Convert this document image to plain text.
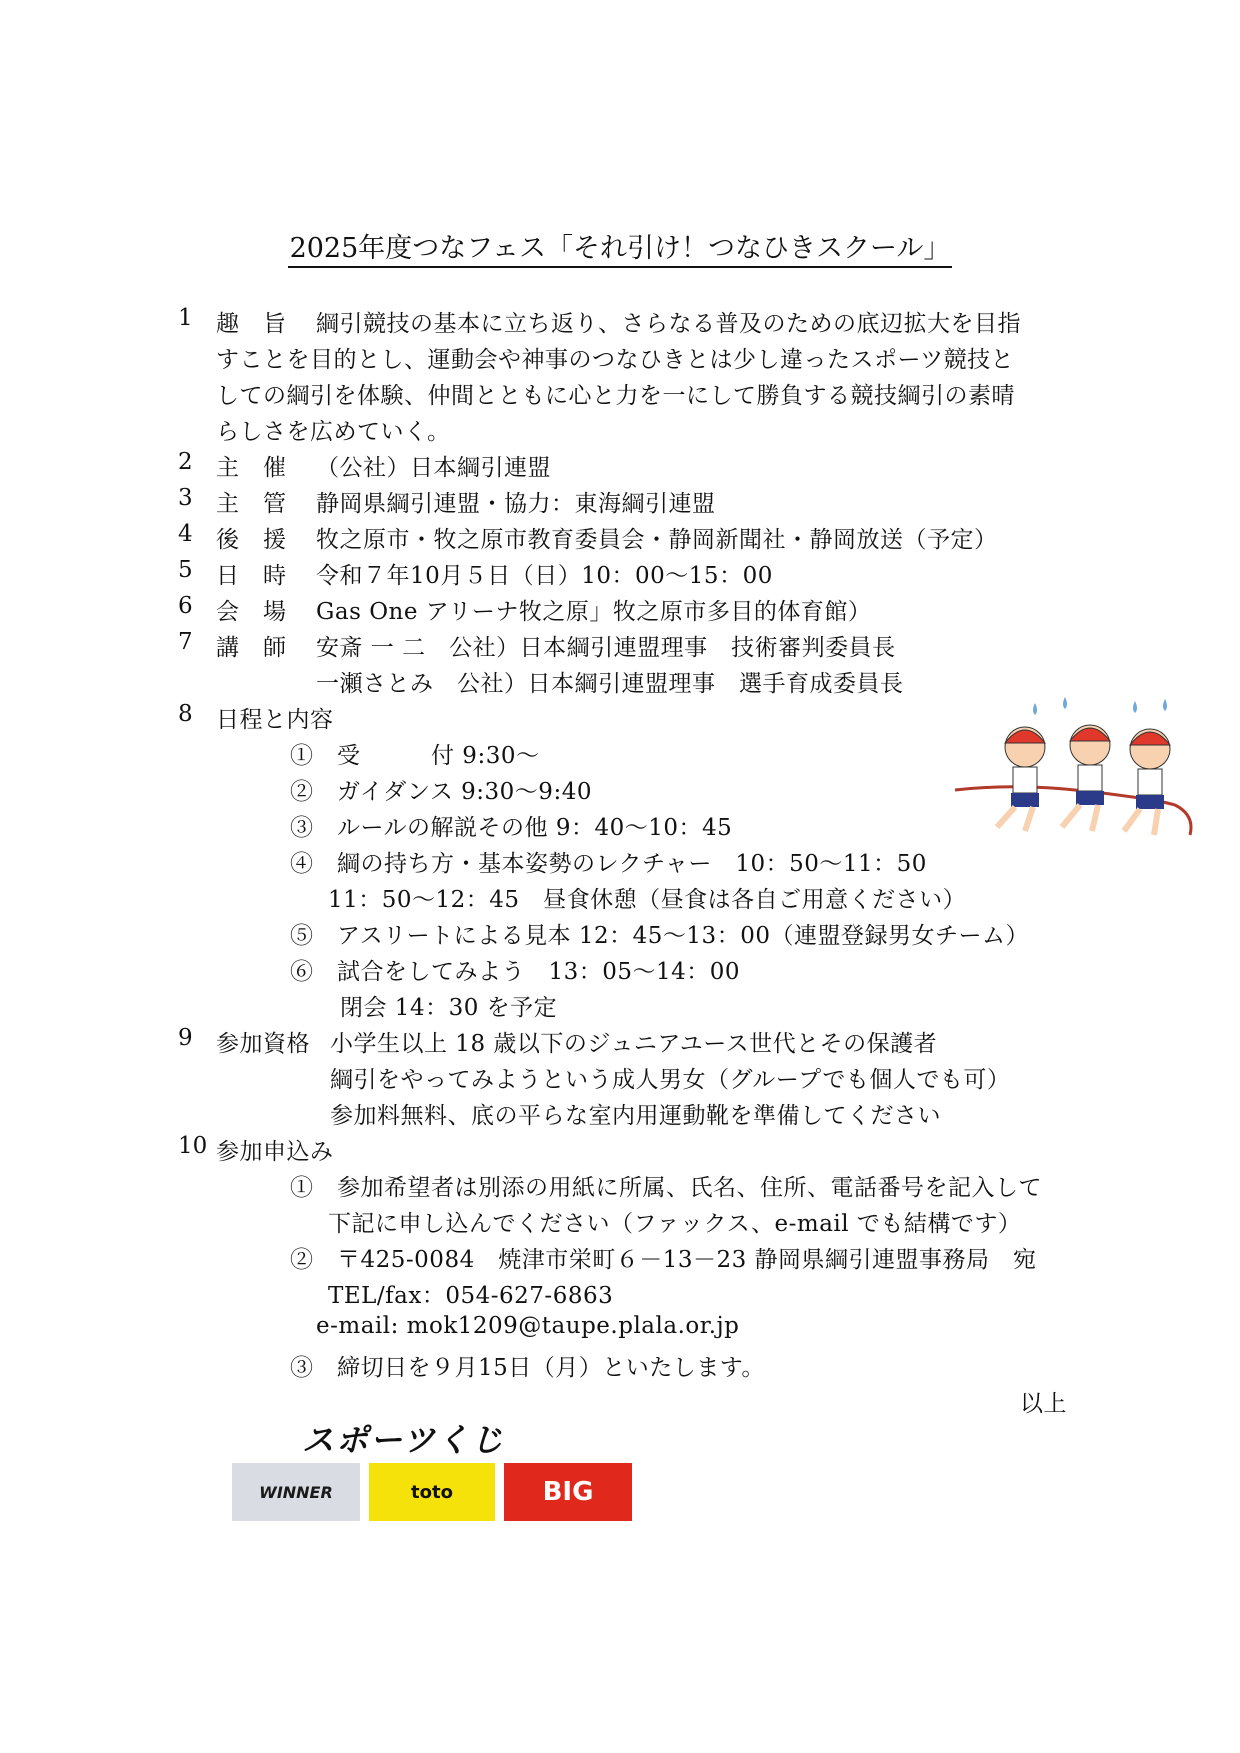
2025年度つなフェス「それ引け！つなひきスクール」
1 趣　旨 綱引競技の基本に立ち返り、さらなる普及のための底辺拡大を目指
すことを目的とし、運動会や神事のつなひきとは少し違ったスポーツ競技と
しての綱引を体験、仲間とともに心と力を一にして勝負する競技綱引の素晴
らしさを広めていく。
2 主　催 （公社）日本綱引連盟
3 主　管 静岡県綱引連盟・協力：東海綱引連盟
4 後　援 牧之原市・牧之原市教育委員会・静岡新聞社・静岡放送（予定）
5 日　時 令和７年10月５日（日）10：00～15：00
6 会　場 Gas One アリーナ牧之原」牧之原市多目的体育館）
7 講　師 安斎 一 二　公社）日本綱引連盟理事　技術審判委員長
一瀬さとみ　公社）日本綱引連盟理事　選手育成委員長
8 日程と内容
①　受　　　付 9:30～
②　ガイダンス 9:30～9:40
③　ルールの解説その他 9：40～10：45
④　綱の持ち方・基本姿勢のレクチャー　10：50～11：50
11：50～12：45　昼食休憩（昼食は各自ご用意ください）
⑤　アスリートによる見本 12：45～13：00（連盟登録男女チーム）
⑥　試合をしてみよう　13：05～14：00
閉会 14：30 を予定
9 参加資格 小学生以上 18 歳以下のジュニアユース世代とその保護者
綱引をやってみようという成人男女（グループでも個人でも可）
参加料無料、底の平らな室内用運動靴を準備してください
10 参加申込み
①　参加希望者は別添の用紙に所属、氏名、住所、電話番号を記入して
下記に申し込んでください（ファックス、e-mail でも結構です）
②　〒425-0084　焼津市栄町６－13－23 静岡県綱引連盟事務局　宛
TEL/fax：054-627-6863
e-mail: mok1209@taupe.plala.or.jp
③　締切日を９月15日（月）といたします。
以上
スポーツくじ
WINNER	toto	BIG
